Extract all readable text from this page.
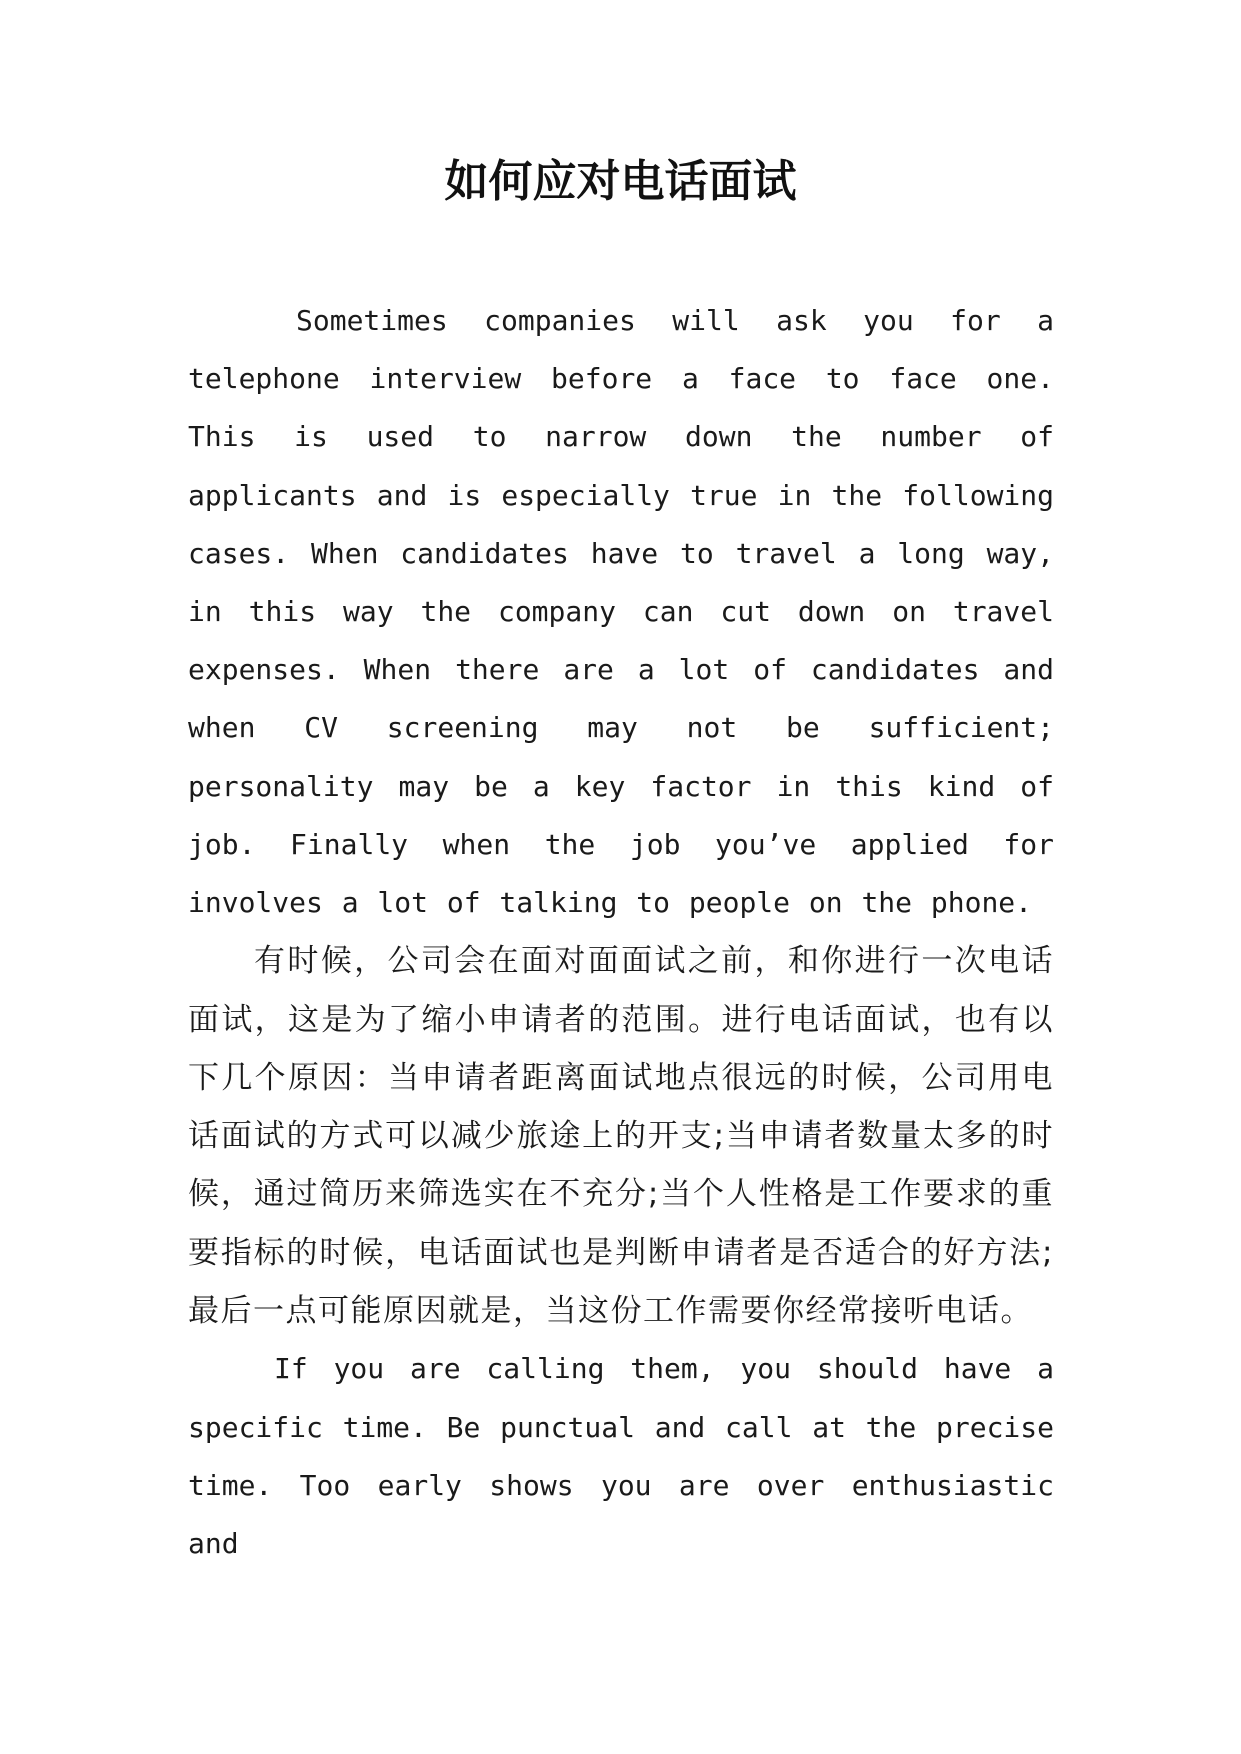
如何应对电话面试

Sometimes companies will ask you for a telephone interview before a face to face one. This is used to narrow down the number of applicants and is especially true in the following cases. When candidates have to travel a long way, in this way the company can cut down on travel expenses. When there are a lot of candidates and when CV screening may not be sufficient; personality may be a key factor in this kind of job. Finally when the job you’ve applied for involves a lot of talking to people on the phone.

有时候，公司会在面对面面试之前，和你进行一次电话面试，这是为了缩小申请者的范围。进行电话面试，也有以下几个原因：当申请者距离面试地点很远的时候，公司用电话面试的方式可以减少旅途上的开支;当申请者数量太多的时候，通过简历来筛选实在不充分;当个人性格是工作要求的重要指标的时候，电话面试也是判断申请者是否适合的好方法;最后一点可能原因就是，当这份工作需要你经常接听电话。

If you are calling them, you should have a specific time. Be punctual and call at the precise time. Too early shows you are over enthusiastic and
